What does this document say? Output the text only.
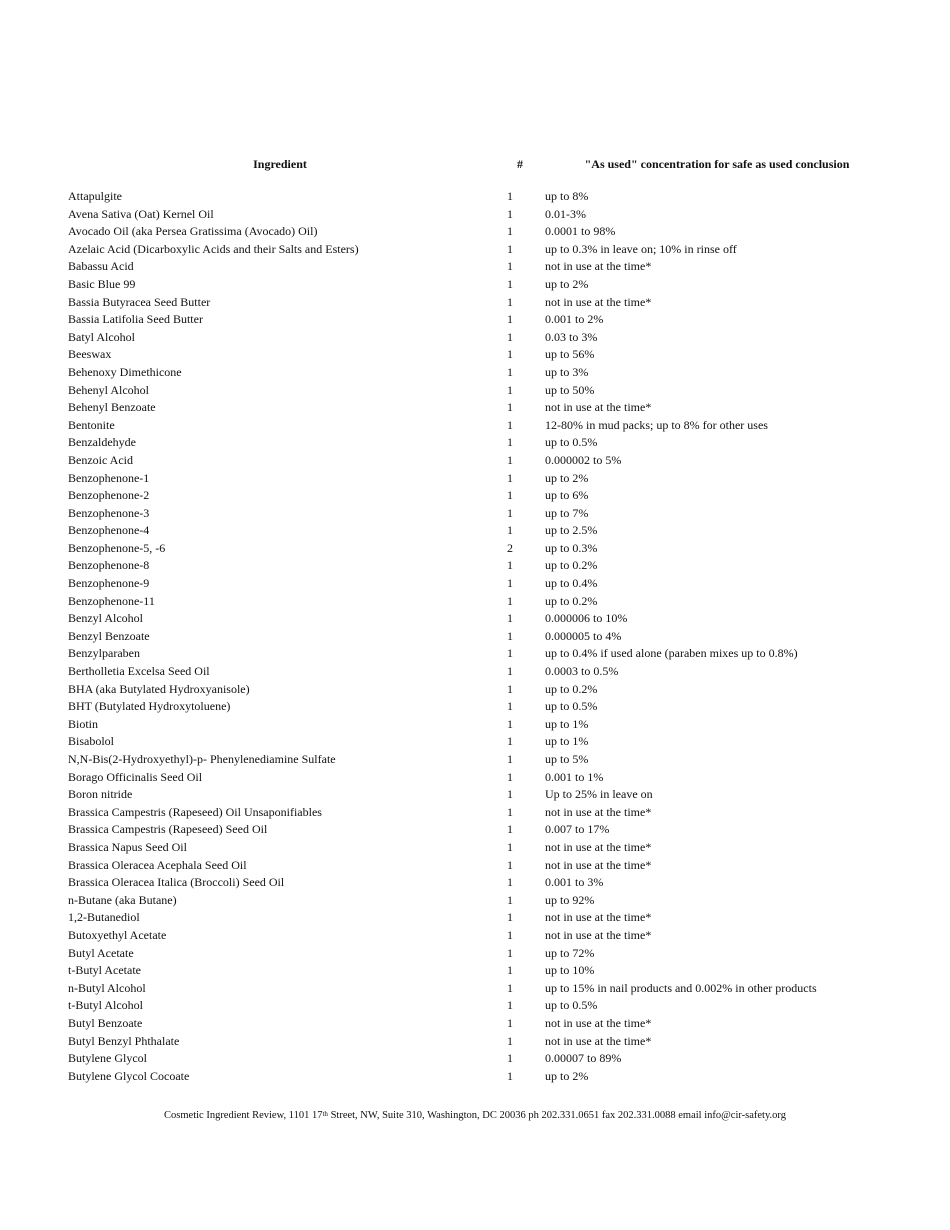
Ingredient	#	"As used" concentration for safe as used conclusion
Attapulgite	1	up to 8%
Avena Sativa (Oat) Kernel Oil	1	0.01-3%
Avocado Oil (aka Persea Gratissima (Avocado) Oil)	1	0.0001 to 98%
Azelaic Acid (Dicarboxylic Acids and their Salts and Esters)	1	up to 0.3% in leave on; 10% in rinse off
Babassu Acid	1	not in use at the time*
Basic Blue 99	1	up to 2%
Bassia Butyracea Seed Butter	1	not in use at the time*
Bassia Latifolia Seed Butter	1	0.001 to 2%
Batyl Alcohol	1	0.03 to 3%
Beeswax	1	up to 56%
Behenoxy Dimethicone	1	up to 3%
Behenyl Alcohol	1	up to 50%
Behenyl Benzoate	1	not in use at the time*
Bentonite	1	12-80% in mud packs; up to 8% for other uses
Benzaldehyde	1	up to 0.5%
Benzoic Acid	1	0.000002 to 5%
Benzophenone-1	1	up to 2%
Benzophenone-2	1	up to 6%
Benzophenone-3	1	up to 7%
Benzophenone-4	1	up to 2.5%
Benzophenone-5, -6	2	up to 0.3%
Benzophenone-8	1	up to 0.2%
Benzophenone-9	1	up to 0.4%
Benzophenone-11	1	up to 0.2%
Benzyl Alcohol	1	0.000006 to 10%
Benzyl Benzoate	1	0.000005 to 4%
Benzylparaben	1	up to 0.4% if used alone (paraben mixes up to 0.8%)
Bertholletia Excelsa Seed Oil	1	0.0003 to 0.5%
BHA (aka Butylated Hydroxyanisole)	1	up to 0.2%
BHT (Butylated Hydroxytoluene)	1	up to 0.5%
Biotin	1	up to 1%
Bisabolol	1	up to 1%
N,N-Bis(2-Hydroxyethyl)-p- Phenylenediamine Sulfate	1	up to 5%
Borago Officinalis Seed Oil	1	0.001 to 1%
Boron nitride	1	Up to 25% in leave on
Brassica Campestris (Rapeseed) Oil Unsaponifiables	1	not in use at the time*
Brassica Campestris (Rapeseed) Seed Oil	1	0.007 to 17%
Brassica Napus Seed Oil	1	not in use at the time*
Brassica Oleracea Acephala Seed Oil	1	not in use at the time*
Brassica Oleracea Italica (Broccoli) Seed Oil	1	0.001 to 3%
n-Butane (aka Butane)	1	up to 92%
1,2-Butanediol	1	not in use at the time*
Butoxyethyl Acetate	1	not in use at the time*
Butyl Acetate	1	up to 72%
t-Butyl Acetate	1	up to 10%
n-Butyl Alcohol	1	up to 15% in nail products and 0.002% in other products
t-Butyl Alcohol	1	up to 0.5%
Butyl Benzoate	1	not in use at the time*
Butyl Benzyl Phthalate	1	not in use at the time*
Butylene Glycol	1	0.00007 to 89%
Butylene Glycol Cocoate	1	up to 2%
Cosmetic Ingredient Review, 1101 17th Street, NW, Suite 310, Washington, DC 20036 ph 202.331.0651 fax 202.331.0088 email info@cir-safety.org
